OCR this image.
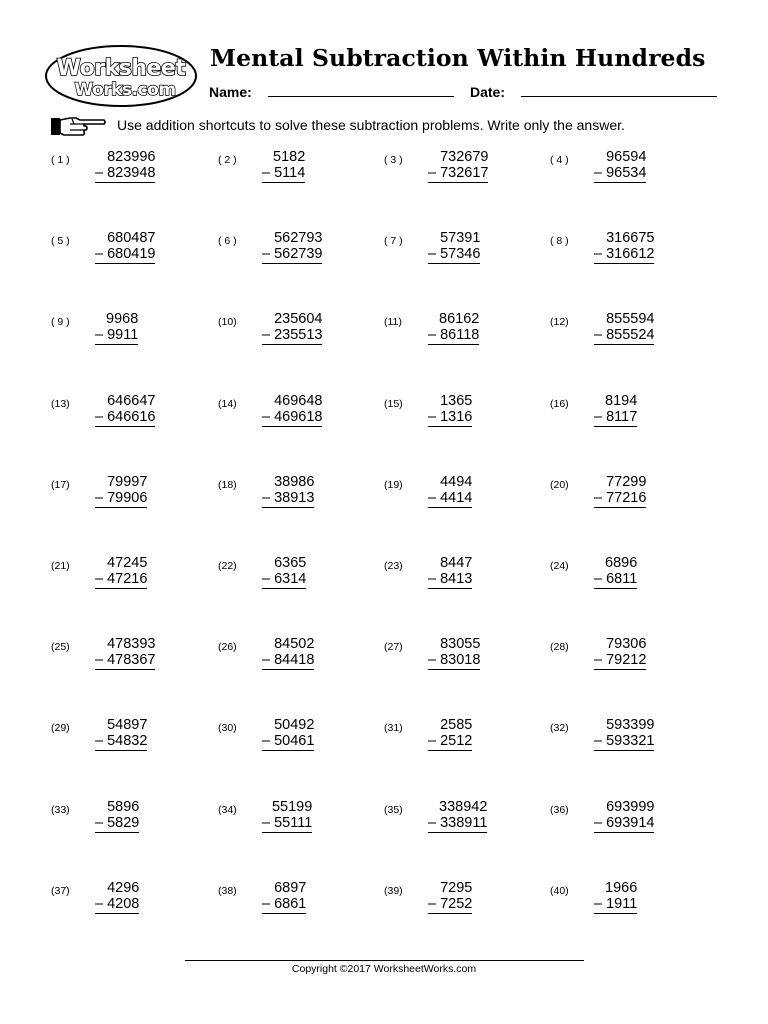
Worksheet
Works.com
Mental Subtraction Within Hundreds
Name:	Date:
Use addition shortcuts to solve these subtraction problems. Write only the answer.
( 1 )	823996
– 823948
( 2 )	5182
– 5114
( 3 )	732679
– 732617
( 4 )	96594
– 96534
( 5 )	680487
– 680419
( 6 )	562793
– 562739
( 7 )	57391
– 57346
( 8 )	316675
– 316612
( 9 )	9968
– 9911
(10)	235604
– 235513
(11)	86162
– 86118
(12)	855594
– 855524
(13)	646647
– 646616
(14)	469648
– 469618
(15)	1365
– 1316
(16)	8194
– 8117
(17)	79997
– 79906
(18)	38986
– 38913
(19)	4494
– 4414
(20)	77299
– 77216
(21)	47245
– 47216
(22)	6365
– 6314
(23)	8447
– 8413
(24)	6896
– 6811
(25)	478393
– 478367
(26)	84502
– 84418
(27)	83055
– 83018
(28)	79306
– 79212
(29)	54897
– 54832
(30)	50492
– 50461
(31)	2585
– 2512
(32)	593399
– 593321
(33)	5896
– 5829
(34) 55199
– 55111
(35)	338942
– 338911
(36)	693999
– 693914
(37)	4296
– 4208
(38)	6897
– 6861
(39)	7295
– 7252
(40)	1966
– 1911
Copyright ©2017 WorksheetWorks.com
